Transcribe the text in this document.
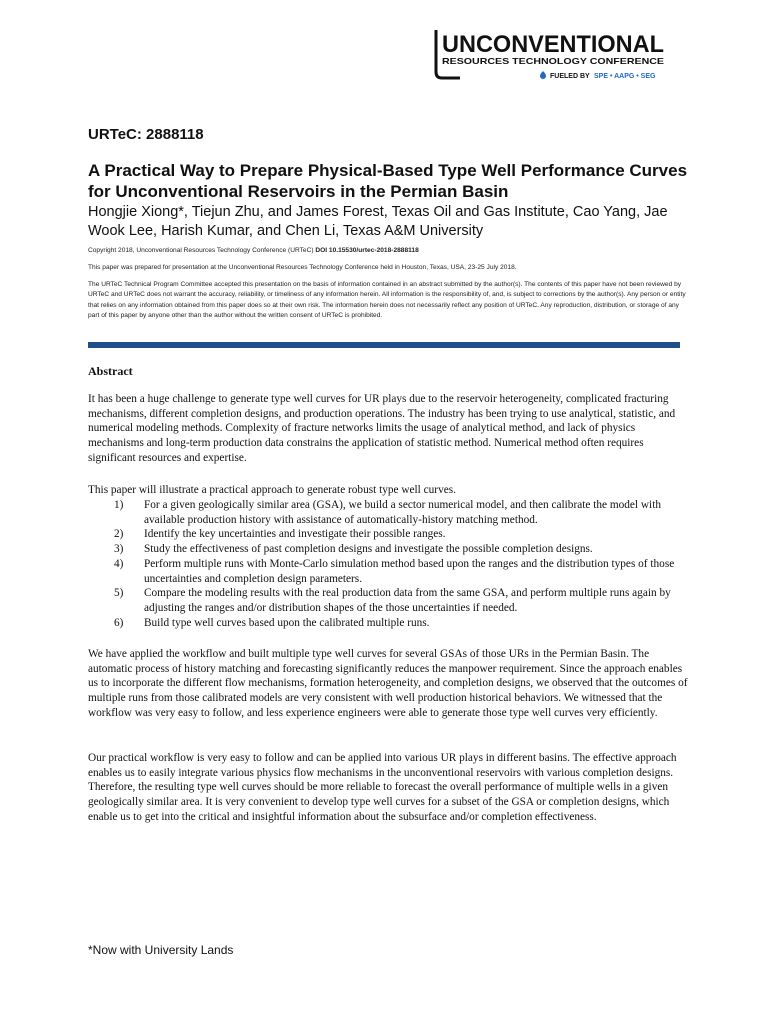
UNCONVENTIONAL
RESOURCES TECHNOLOGY CONFERENCE
FUELED BY SPE • AAPG • SEG
URTeC: 2888118
A Practical Way to Prepare Physical-Based Type Well Performance Curves for Unconventional Reservoirs in the Permian Basin
Hongjie Xiong*, Tiejun Zhu, and James Forest, Texas Oil and Gas Institute, Cao Yang, Jae Wook Lee, Harish Kumar, and Chen Li, Texas A&M University
Copyright 2018, Unconventional Resources Technology Conference (URTeC) DOI 10.15530/urtec-2018-2888118
This paper was prepared for presentation at the Unconventional Resources Technology Conference held in Houston, Texas, USA, 23-25 July 2018.
The URTeC Technical Program Committee accepted this presentation on the basis of information contained in an abstract submitted by the author(s). The contents of this paper have not been reviewed by URTeC and URTeC does not warrant the accuracy, reliability, or timeliness of any information herein. All information is the responsibility of, and, is subject to corrections by the author(s). Any person or entity that relies on any information obtained from this paper does so at their own risk. The information herein does not necessarily reflect any position of URTeC. Any reproduction, distribution, or storage of any part of this paper by anyone other than the author without the written consent of URTeC is prohibited.
Abstract
It has been a huge challenge to generate type well curves for UR plays due to the reservoir heterogeneity, complicated fracturing mechanisms, different completion designs, and production operations. The industry has been trying to use analytical, statistic, and numerical modeling methods. Complexity of fracture networks limits the usage of analytical method, and lack of physics mechanisms and long-term production data constrains the application of statistic method. Numerical method often requires significant resources and expertise.
This paper will illustrate a practical approach to generate robust type well curves.
1)	For a given geologically similar area (GSA), we build a sector numerical model, and then calibrate the model with available production history with assistance of automatically-history matching method.
2)	Identify the key uncertainties and investigate their possible ranges.
3)	Study the effectiveness of past completion designs and investigate the possible completion designs.
4)	Perform multiple runs with Monte-Carlo simulation method based upon the ranges and the distribution types of those uncertainties and completion design parameters.
5)	Compare the modeling results with the real production data from the same GSA, and perform multiple runs again by adjusting the ranges and/or distribution shapes of the those uncertainties if needed.
6)	Build type well curves based upon the calibrated multiple runs.
We have applied the workflow and built multiple type well curves for several GSAs of those URs in the Permian Basin. The automatic process of history matching and forecasting significantly reduces the manpower requirement. Since the approach enables us to incorporate the different flow mechanisms, formation heterogeneity, and completion designs, we observed that the outcomes of multiple runs from those calibrated models are very consistent with well production historical behaviors. We witnessed that the workflow was very easy to follow, and less experience engineers were able to generate those type well curves very efficiently.
Our practical workflow is very easy to follow and can be applied into various UR plays in different basins. The effective approach enables us to easily integrate various physics flow mechanisms in the unconventional reservoirs with various completion designs. Therefore, the resulting type well curves should be more reliable to forecast the overall performance of multiple wells in a given geologically similar area. It is very convenient to develop type well curves for a subset of the GSA or completion designs, which enable us to get into the critical and insightful information about the subsurface and/or completion effectiveness.
*Now with University Lands
